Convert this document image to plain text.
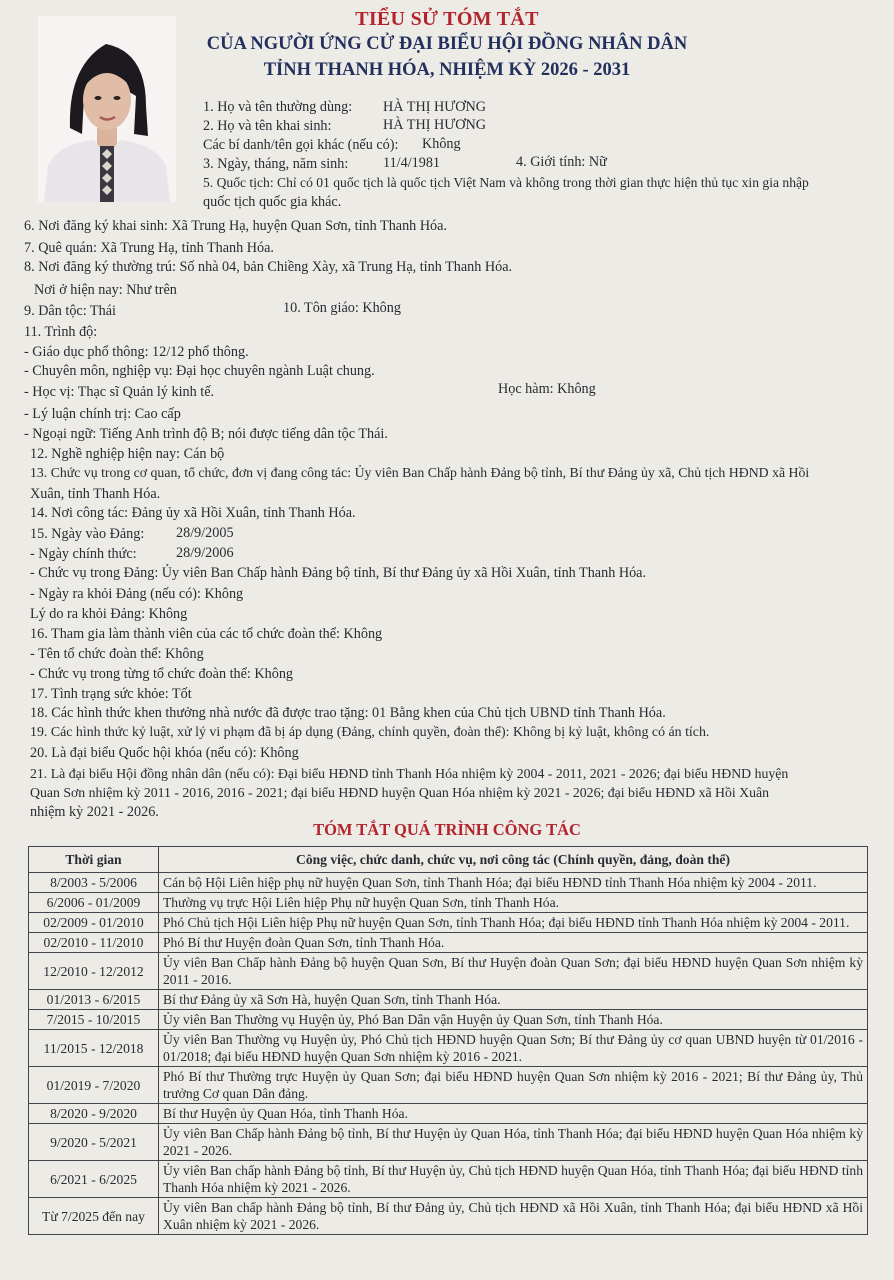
TIỂU SỬ TÓM TẮT
CỦA NGƯỜI ỨNG CỬ ĐẠI BIỂU HỘI ĐỒNG NHÂN DÂN
TỈNH THANH HÓA, NHIỆM KỲ 2026 - 2031
1. Họ và tên thường dùng: HÀ THỊ HƯƠNG
2. Họ và tên khai sinh:	HÀ THỊ HƯƠNG
Các bí danh/tên gọi khác (nếu có): Không
3. Ngày, tháng, năm sinh: 11/4/1981	4. Giới tính: Nữ
5. Quốc tịch: Chỉ có 01 quốc tịch là quốc tịch Việt Nam và không trong thời gian thực hiện thủ tục xin gia nhập
quốc tịch quốc gia khác.
6. Nơi đăng ký khai sinh: Xã Trung Hạ, huyện Quan Sơn, tỉnh Thanh Hóa.
7. Quê quán: Xã Trung Hạ, tỉnh Thanh Hóa.
8. Nơi đăng ký thường trú: Số nhà 04, bản Chiềng Xày, xã Trung Hạ, tỉnh Thanh Hóa.
Nơi ở hiện nay: Như trên
9. Dân tộc: Thái	10. Tôn giáo: Không
11. Trình độ:
- Giáo dục phổ thông: 12/12 phổ thông.
- Chuyên môn, nghiệp vụ: Đại học chuyên ngành Luật chung.
- Học vị: Thạc sĩ Quản lý kinh tế.	Học hàm: Không
- Lý luận chính trị: Cao cấp
- Ngoại ngữ: Tiếng Anh trình độ B; nói được tiếng dân tộc Thái.
12. Nghề nghiệp hiện nay: Cán bộ
13. Chức vụ trong cơ quan, tổ chức, đơn vị đang công tác: Ủy viên Ban Chấp hành Đảng bộ tỉnh, Bí thư Đảng ủy xã, Chủ tịch HĐND xã Hồi
Xuân, tỉnh Thanh Hóa.
14. Nơi công tác: Đảng ủy xã Hồi Xuân, tỉnh Thanh Hóa.
15. Ngày vào Đảng: 28/9/2005
- Ngày chính thức:	28/9/2006
- Chức vụ trong Đảng: Ủy viên Ban Chấp hành Đảng bộ tỉnh, Bí thư Đảng ủy xã Hồi Xuân, tỉnh Thanh Hóa.
- Ngày ra khỏi Đảng (nếu có): Không
Lý do ra khỏi Đảng: Không
16. Tham gia làm thành viên của các tổ chức đoàn thể: Không
- Tên tổ chức đoàn thể: Không
- Chức vụ trong từng tổ chức đoàn thể: Không
17. Tình trạng sức khỏe: Tốt
18. Các hình thức khen thưởng nhà nước đã được trao tặng: 01 Bằng khen của Chủ tịch UBND tỉnh Thanh Hóa.
19. Các hình thức kỷ luật, xử lý vi phạm đã bị áp dụng (Đảng, chính quyền, đoàn thể): Không bị kỷ luật, không có án tích.
20. Là đại biểu Quốc hội khóa (nếu có): Không
21. Là đại biểu Hội đồng nhân dân (nếu có): Đại biểu HĐND tỉnh Thanh Hóa nhiệm kỳ 2004 - 2011, 2021 - 2026; đại biểu HĐND huyện
Quan Sơn nhiệm kỳ 2011 - 2016, 2016 - 2021; đại biểu HĐND huyện Quan Hóa nhiệm kỳ 2021 - 2026; đại biểu HĐND xã Hồi Xuân
nhiệm kỳ 2021 - 2026.
TÓM TẮT QUÁ TRÌNH CÔNG TÁC
Thời gian	Công việc, chức danh, chức vụ, nơi công tác (Chính quyền, đảng, đoàn thể)
8/2003 - 5/2006	Cán bộ Hội Liên hiệp phụ nữ huyện Quan Sơn, tỉnh Thanh Hóa; đại biểu HĐND tỉnh Thanh Hóa nhiệm kỳ 2004 - 2011.
6/2006 - 01/2009	Thường vụ trực Hội Liên hiệp Phụ nữ huyện Quan Sơn, tỉnh Thanh Hóa.
02/2009 - 01/2010	Phó Chủ tịch Hội Liên hiệp Phụ nữ huyện Quan Sơn, tỉnh Thanh Hóa; đại biểu HĐND tỉnh Thanh Hóa nhiệm kỳ 2004 - 2011.
02/2010 - 11/2010	Phó Bí thư Huyện đoàn Quan Sơn, tỉnh Thanh Hóa.
12/2010 - 12/2012	Ủy viên Ban Chấp hành Đảng bộ huyện Quan Sơn, Bí thư Huyện đoàn Quan Sơn; đại biểu HĐND huyện Quan Sơn nhiệm kỳ 2011 - 2016.
01/2013 - 6/2015	Bí thư Đảng ủy xã Sơn Hà, huyện Quan Sơn, tỉnh Thanh Hóa.
7/2015 - 10/2015	Ủy viên Ban Thường vụ Huyện ủy, Phó Ban Dân vận Huyện ủy Quan Sơn, tỉnh Thanh Hóa.
11/2015 - 12/2018	Ủy viên Ban Thường vụ Huyện ủy, Phó Chủ tịch HĐND huyện Quan Sơn; Bí thư Đảng ủy cơ quan UBND huyện từ 01/2016 - 01/2018; đại biểu HĐND huyện Quan Sơn nhiệm kỳ 2016 - 2021.
01/2019 - 7/2020	Phó Bí thư Thường trực Huyện ủy Quan Sơn; đại biểu HĐND huyện Quan Sơn nhiệm kỳ 2016 - 2021; Bí thư Đảng ủy, Thủ trưởng Cơ quan Dân đảng.
8/2020 - 9/2020	Bí thư Huyện ủy Quan Hóa, tỉnh Thanh Hóa.
9/2020 - 5/2021	Ủy viên Ban Chấp hành Đảng bộ tỉnh, Bí thư Huyện ủy Quan Hóa, tỉnh Thanh Hóa; đại biểu HĐND huyện Quan Hóa nhiệm kỳ 2021 - 2026.
6/2021 - 6/2025	Ủy viên Ban chấp hành Đảng bộ tỉnh, Bí thư Huyện ủy, Chủ tịch HĐND huyện Quan Hóa, tỉnh Thanh Hóa; đại biểu HĐND tỉnh Thanh Hóa nhiệm kỳ 2021 - 2026.
Từ 7/2025 đến nay	Ủy viên Ban chấp hành Đảng bộ tỉnh, Bí thư Đảng ủy, Chủ tịch HĐND xã Hồi Xuân, tỉnh Thanh Hóa; đại biểu HĐND xã Hồi Xuân nhiệm kỳ 2021 - 2026.
